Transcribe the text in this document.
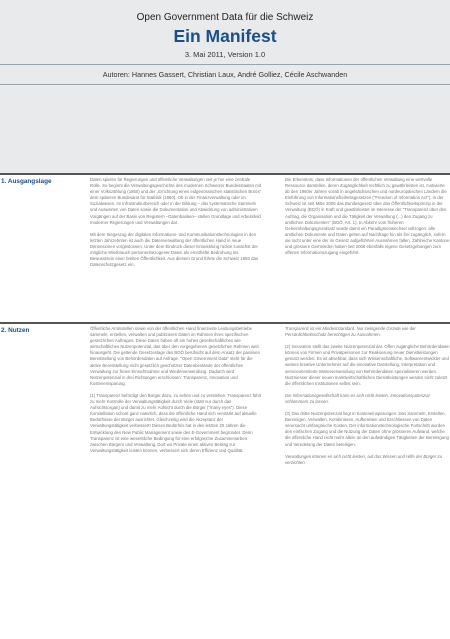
Open Government Data für die Schweiz
Ein Manifest
3. Mai 2011, Version 1.0
Autoren: Hannes Gassert, Christian Laux, André Golliez, Cécile Aschwanden
1. Ausgangslage	Daten spielen für Regierungen und öffentliche Verwaltungen seit je her eine zentrale Rolle. So beginnt die Verwaltungsgeschichte des modernen Schweizer Bundesstaates mit einer Volkszählung (1850) und der „Errichtung eines eidgenössischen statistischen Büros" dem späteren Bundesamt für Statistik (1860). Ob in der Finanzverwaltung oder im Sozialwesen, im Infrastrukturbereich oder in der Bildung – das systematische Sammeln und Auswerten von Daten sowie die Dokumentation und Abwicklung von administrativen Vorgängen auf der Basis von Registern –Datenbanken– stellen Grundlage und Arbeitsfeld moderner Regierungen und Verwaltungen dar.

Mit dem Siegeszug der digitalen Informations- und Kommunikationstechnologien in den letzten Jahrzehnten ist auch die Datenverwaltung der öffentlichen Hand in neue Dimensionen vorgestossen. Unter dem Eindruck dieser Entwicklung rückte zunächst der mögliche Missbrauch personenbezogener Daten als ernsthafte Bedrohung ins Bewusstsein einer breiten Öffentlichkeit. Aus diesem Grund führte die Schweiz 1993 das Datenschutzgesetz ein.

Die Erkenntnis, dass Informationen der öffentlichen Verwaltung eine wertvolle Ressource darstellen, deren Zugänglichkeit rechtlich zu gewährleisten ist, motivierte ab den 1960er Jahren vorab in angelsächsischen und nordeuropäischen Ländern die Einführung von Informationsfreiheitsgesetzen ("Freedom of Information Act"). In der Schweiz ist seit Mitte 2006 das Bundesgesetz über das Öffentlichkeitsprinzip in der Verwaltung (BGÖ) in Kraft und gewährleistet im Interesse der "Transparenz über den Auftrag, die Organisation und die Tätigkeit der Verwaltung (...) den Zugang zu amtlichen Dokumenten" (BGÖ, Art. 1). In Abkehr vom früheren Geheimhaltungsgrundsatz wurde damit ein Paradigmenwechsel vollzogen: alle amtlichen Dokumente und Daten gelten auf Nachfrage hin als frei zugänglich, sofern sie nicht unter eine der im Gesetz aufgeführten Ausnahmen fallen. Zahlreiche Kantone und grössere Gemeinden haben seit 2006 ebenfalls eigene Gesetzgebungen zum offenen Informationszugang eingeführt.

2. Nutzen	Öffentliche Amtsstellen sowie von der öffentlichen Hand finanzierte Leistungsbetriebe sammeln, erstellen, verwalten und publizieren Daten im Rahmen ihres spezifischen gesetzlichen Auftrages. Diese Daten haben oft ein hohes gesellschaftliches wie wirtschaftliches Nutzenpotenzial, das über den vorgegebenen gesetzlichen Rahmen weit hinausgeht. Die geltende Gesetzeslage des BGÖ berufsicht auf dem Ansatz der passiven Bereitstellung von Behördendaten auf Anfrage. "Open Government Data" steht für die aktive Bereitstellung nicht gesetzlich geschützter Datenbestände der öffentlichen Verwaltung zur freien Einsichtnahme und Wiederverwendung. Dadurch wird Nutzenpotenzial in drei Richtungen erschlossen: Transparenz, Innovation und Kosteneinsparung.

(1) Transparenz befördigt den Bürger dazu, zu sehen und zu verstehen. Transparenz führt zu mehr Kontrolle der Verwaltungstätigkeit durch Viele (statt nur durch das Aufsichtsorgan) und damit zu mehr Aufsicht durch die Bürger ("many eyes"). Diese Konstellation schont ganz natürlich, dass die öffentliche Hand sich verstärkt auf aktuelle Bedürfnisse der Bürger ausrichtet. Gleichzeitig wird die Akzeptanz der Verwaltungstätigkeit verbessert! Dieses Bedürfnis hat in den letzten 20 Jahren die Entwicklung des New Public Management sowie des E-Government begründet. Denn Transparenz ist eine wesentliche Bedingung für eine erfolgreiche Zusammenarbeit zwischen Bürgern und Verwaltung. Dort wo Private einen aktiven Beitrag zur Verwaltungstätigkeit leisten können, verbessert sich deren Effizienz und Qualität.

Transparenz ist ein Mindeststandard. Nur zwingende Gründe wie der Persönlichkeitsschutz berechtigen zu Ausnahmen.

(2) Innovation stellt das zweite Nutzenpotenzial dar. Offen zugängliche Behördendaten können von Firmen und Privatpersonen zur Realisierung neuer Dienstleistungen genutzt werden. Es ist absehbar, dass sich Wissenschaftliche, Softwareentwickler und weitere kreative Unternehmer auf die innovative Darstellung, Interpretation und serviceorientierte Weiterverwendung von Behördendaten spezialisieren werden. Nutzniesser dieser neuen marktwirtschaftlichen Dienstleistungen werden nicht zuletzt die öffentlichen Institutionen selbst sein.

Die Informationsgesellschaft kann es sich nicht leisten, Innovationspotenzial schlummern zu lassen.

(3) Das dritte Nutzenpotenzial liegt in Kosteneinsparungen. Das Sammeln, Erstellen, Bereinigen, Verwalten, Kombinieren, Aufbereiten und Erschliessen von Daten verursacht umfangreiche Kosten. Der informationstechnologische Fortschritt wurden den einfachen Zugang und die Nutzung der Daten ohne grösseren Aufwand, welche die öffentliche Hand nicht mehr allein an den aufwändigen Tätigkeiten der Bereinigung und Veredelung der Daten beteiligen.

Verwaltungen können es sich nicht leisten, auf das Wissen und Hilfe der Bürger zu verzichten.
